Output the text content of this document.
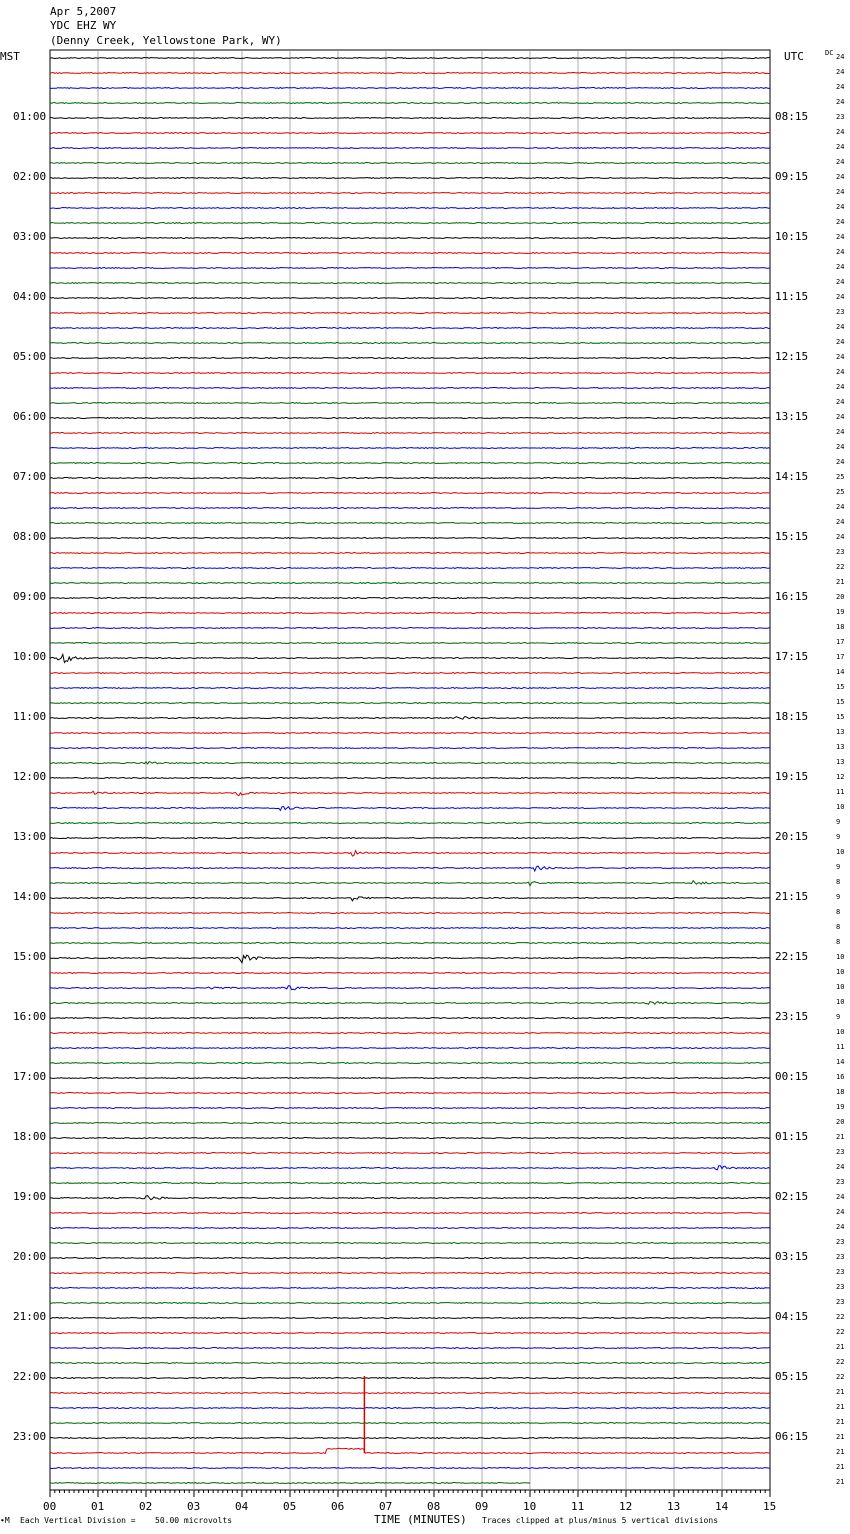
Apr 5,2007
YDC EHZ WY
(Denny Creek, Yellowstone Park, WY)
MST	UTC	DC
01:00
02:00
03:00
04:00
05:00
06:00
07:00
08:00
09:00
10:00
11:00
12:00
13:00
14:00
15:00
16:00
17:00
18:00
19:00
20:00
21:00
22:00
23:00
08:15
09:15
10:15
11:15
12:15
13:15
14:15
15:15
16:15
17:15
18:15
19:15
20:15
21:15
22:15
23:15
00:15
01:15
02:15
03:15
04:15
05:15
06:15
24
24
24
24
23
24
24
24
24
24
24
24
24
24
24
24
24
23
24
24
24
24
24
24
24
24
24
24
25
25
24
24
24
23
22
21
20
19
18
17
17
14
15
15
15
13
13
13
12
11
10
9
9
10
9
8
9
8
8
8
10
10
10
10
9
10
11
14
16
18
19
20
21
23
24
23
24
24
24
23
23
23
23
23
22
22
21
22
22
21
21
21
21
21
21
21
00	01	02	03	04	05	06	07	08	09	10	11	12	13	14	15
∙M Each Vertical Division = 50.00 microvolts	TIME (MINUTES) Traces clipped at plus/minus 5 vertical divisions
